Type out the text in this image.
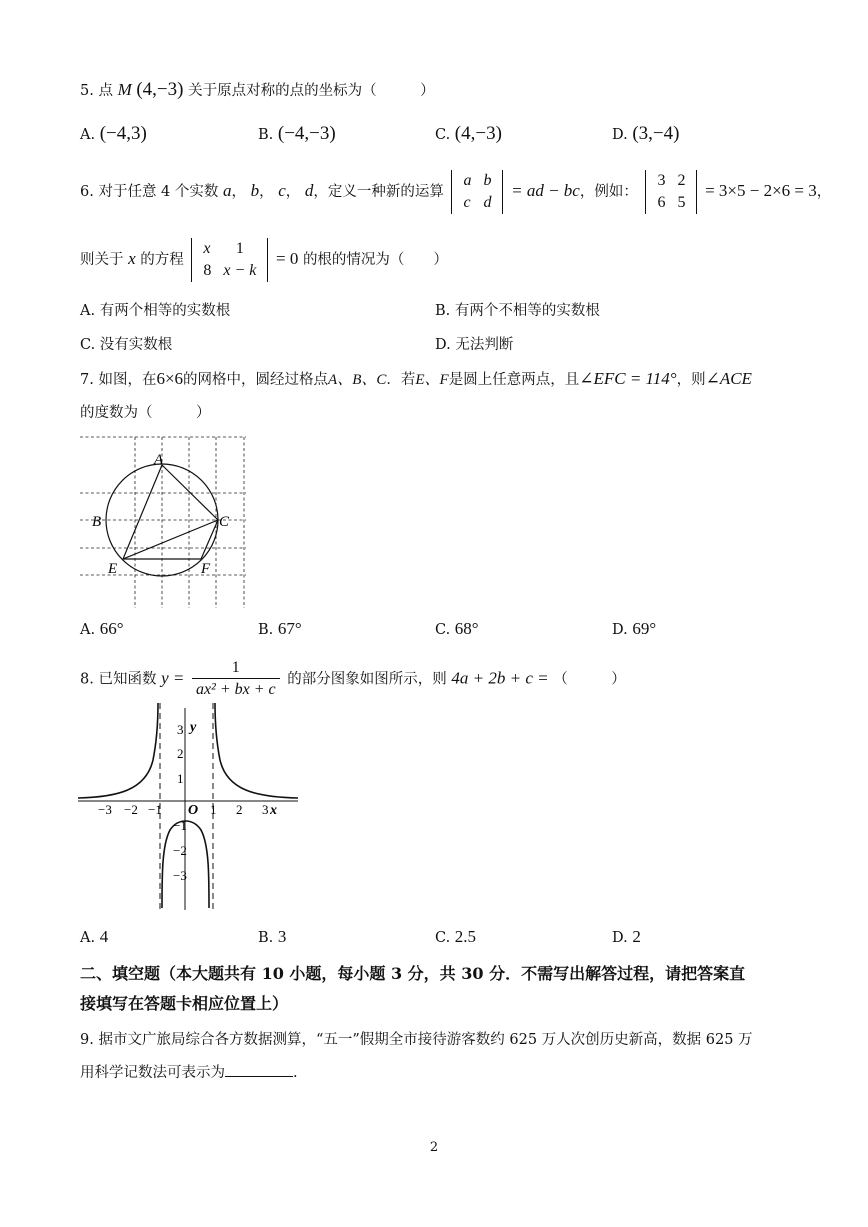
5. 点 M (4,−3) 关于原点对称的点的坐标为（　　　）
A. (−4,3)	B. (−4,−3)	C. (4,−3)	D. (3,−4)
6. 对于任意 4 个实数 a， b， c， d，定义一种新的运算 a	b
c	d = ad − bc，例如： 3	2
6	5 = 3×5 − 2×6 = 3，
则关于 x 的方程 x	1
8	x − k = 0 的根的情况为（　　）
A. 有两个相等的实数根	B. 有两个不相等的实数根
C. 没有实数根	D. 无法判断
7. 如图，在6×6的网格中，圆经过格点A、B、C．若E、F是圆上任意两点，且∠EFC = 114°，则∠ACE
的度数为（　　　）
A
B	C
E	F
A. 66°	B. 67°	C. 68°	D. 69°
8. 已知函数 $y = \frac{1}{\text{ax² + bx + c}}$ 的部分图象如图所示，则 4a + 2b + c = （　　　）
−3 −2 −1	1 2 3 x
y
O
3
2
1
−1
−2
−3
A. 4	B. 3	C. 2.5	D. 2
二、填空题（本大题共有 10 小题，每小题 3 分，共 30 分．不需写出解答过程，请把答案直
接填写在答题卡相应位置上）
9. 据市文广旅局综合各方数据测算，“五一”假期全市接待游客数约 625 万人次创历史新高，数据 625 万
用科学记数法可表示为	.
2
